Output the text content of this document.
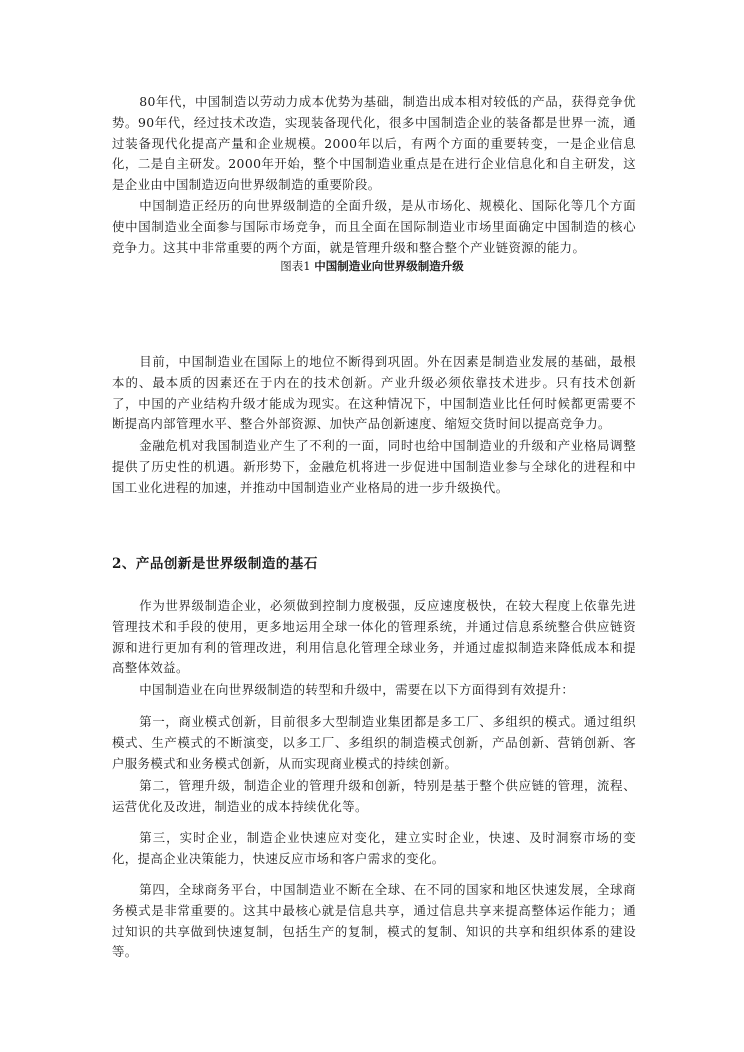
80年代，中国制造以劳动力成本优势为基础，制造出成本相对较低的产品，获得竞争优势。90年代，经过技术改造，实现装备现代化，很多中国制造企业的装备都是世界一流，通过装备现代化提高产量和企业规模。2000年以后，有两个方面的重要转变，一是企业信息化，二是自主研发。2000年开始，整个中国制造业重点是在进行企业信息化和自主研发，这是企业由中国制造迈向世界级制造的重要阶段。

中国制造正经历的向世界级制造的全面升级，是从市场化、规模化、国际化等几个方面使中国制造业全面参与国际市场竞争，而且全面在国际制造业市场里面确定中国制造的核心竞争力。这其中非常重要的两个方面，就是管理升级和整合整个产业链资源的能力。

图表1 中国制造业向世界级制造升级

目前，中国制造业在国际上的地位不断得到巩固。外在因素是制造业发展的基础，最根本的、最本质的因素还在于内在的技术创新。产业升级必须依靠技术进步。只有技术创新了，中国的产业结构升级才能成为现实。在这种情况下，中国制造业比任何时候都更需要不断提高内部管理水平、整合外部资源、加快产品创新速度、缩短交货时间以提高竞争力。

金融危机对我国制造业产生了不利的一面，同时也给中国制造业的升级和产业格局调整提供了历史性的机遇。新形势下，金融危机将进一步促进中国制造业参与全球化的进程和中国工业化进程的加速，并推动中国制造业产业格局的进一步升级换代。

2、产品创新是世界级制造的基石

作为世界级制造企业，必须做到控制力度极强，反应速度极快，在较大程度上依靠先进管理技术和手段的使用，更多地运用全球一体化的管理系统，并通过信息系统整合供应链资源和进行更加有利的管理改进，利用信息化管理全球业务，并通过虚拟制造来降低成本和提高整体效益。

中国制造业在向世界级制造的转型和升级中，需要在以下方面得到有效提升：

第一，商业模式创新，目前很多大型制造业集团都是多工厂、多组织的模式。通过组织模式、生产模式的不断演变，以多工厂、多组织的制造模式创新，产品创新、营销创新、客户服务模式和业务模式创新，从而实现商业模式的持续创新。

第二，管理升级，制造企业的管理升级和创新，特别是基于整个供应链的管理，流程、运营优化及改进，制造业的成本持续优化等。

第三，实时企业，制造企业快速应对变化，建立实时企业，快速、及时洞察市场的变化，提高企业决策能力，快速反应市场和客户需求的变化。

第四，全球商务平台，中国制造业不断在全球、在不同的国家和地区快速发展，全球商务模式是非常重要的。这其中最核心就是信息共享，通过信息共享来提高整体运作能力；通过知识的共享做到快速复制，包括生产的复制，模式的复制、知识的共享和组织体系的建设等。
